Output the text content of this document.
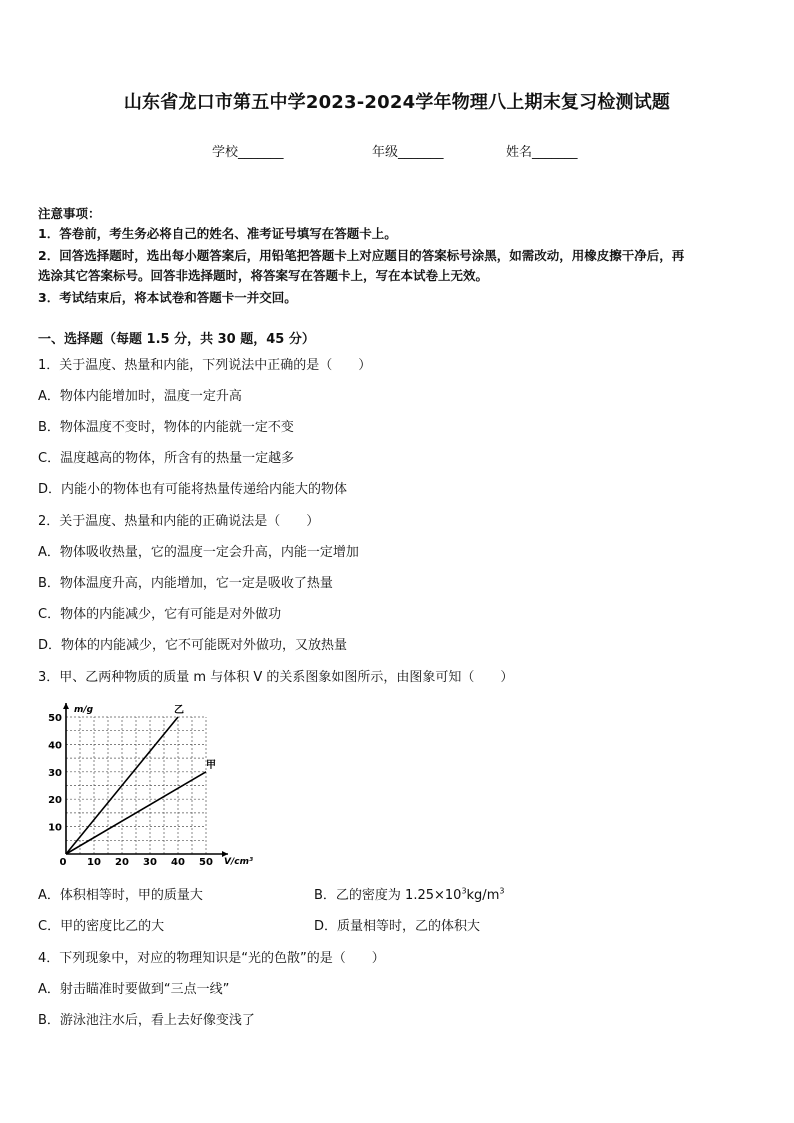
山东省龙口市第五中学2023-2024学年物理八上期末复习检测试题
学校_______	年级_______	姓名_______
注意事项：
1．答卷前，考生务必将自己的姓名、准考证号填写在答题卡上。
2．回答选择题时，选出每小题答案后，用铅笔把答题卡上对应题目的答案标号涂黑，如需改动，用橡皮擦干净后，再
选涂其它答案标号。回答非选择题时，将答案写在答题卡上，写在本试卷上无效。
3．考试结束后，将本试卷和答题卡一并交回。
一、选择题（每题 1.5 分，共 30 题，45 分）
1．关于温度、热量和内能，下列说法中正确的是（　　）
A．物体内能增加时，温度一定升高
B．物体温度不变时，物体的内能就一定不变
C．温度越高的物体，所含有的热量一定越多
D．内能小的物体也有可能将热量传递给内能大的物体
2．关于温度、热量和内能的正确说法是（　　）
A．物体吸收热量，它的温度一定会升高，内能一定增加
B．物体温度升高，内能增加，它一定是吸收了热量
C．物体的内能减少，它有可能是对外做功
D．物体的内能减少，它不可能既对外做功，又放热量
3．甲、乙两种物质的质量 m 与体积 V 的关系图象如图所示，由图象可知（　　）
m/g
V/cm³
0 10 20 30 40 50
10
20
30
40
50
乙
甲
A．体积相等时，甲的质量大	B．乙的密度为 $1.25\times 10^3kg/m^3$
C．甲的密度比乙的大	D．质量相等时，乙的体积大
4．下列现象中，对应的物理知识是“光的色散”的是（　　）
A．射击瞄准时要做到“三点一线”
B．游泳池注水后，看上去好像变浅了
